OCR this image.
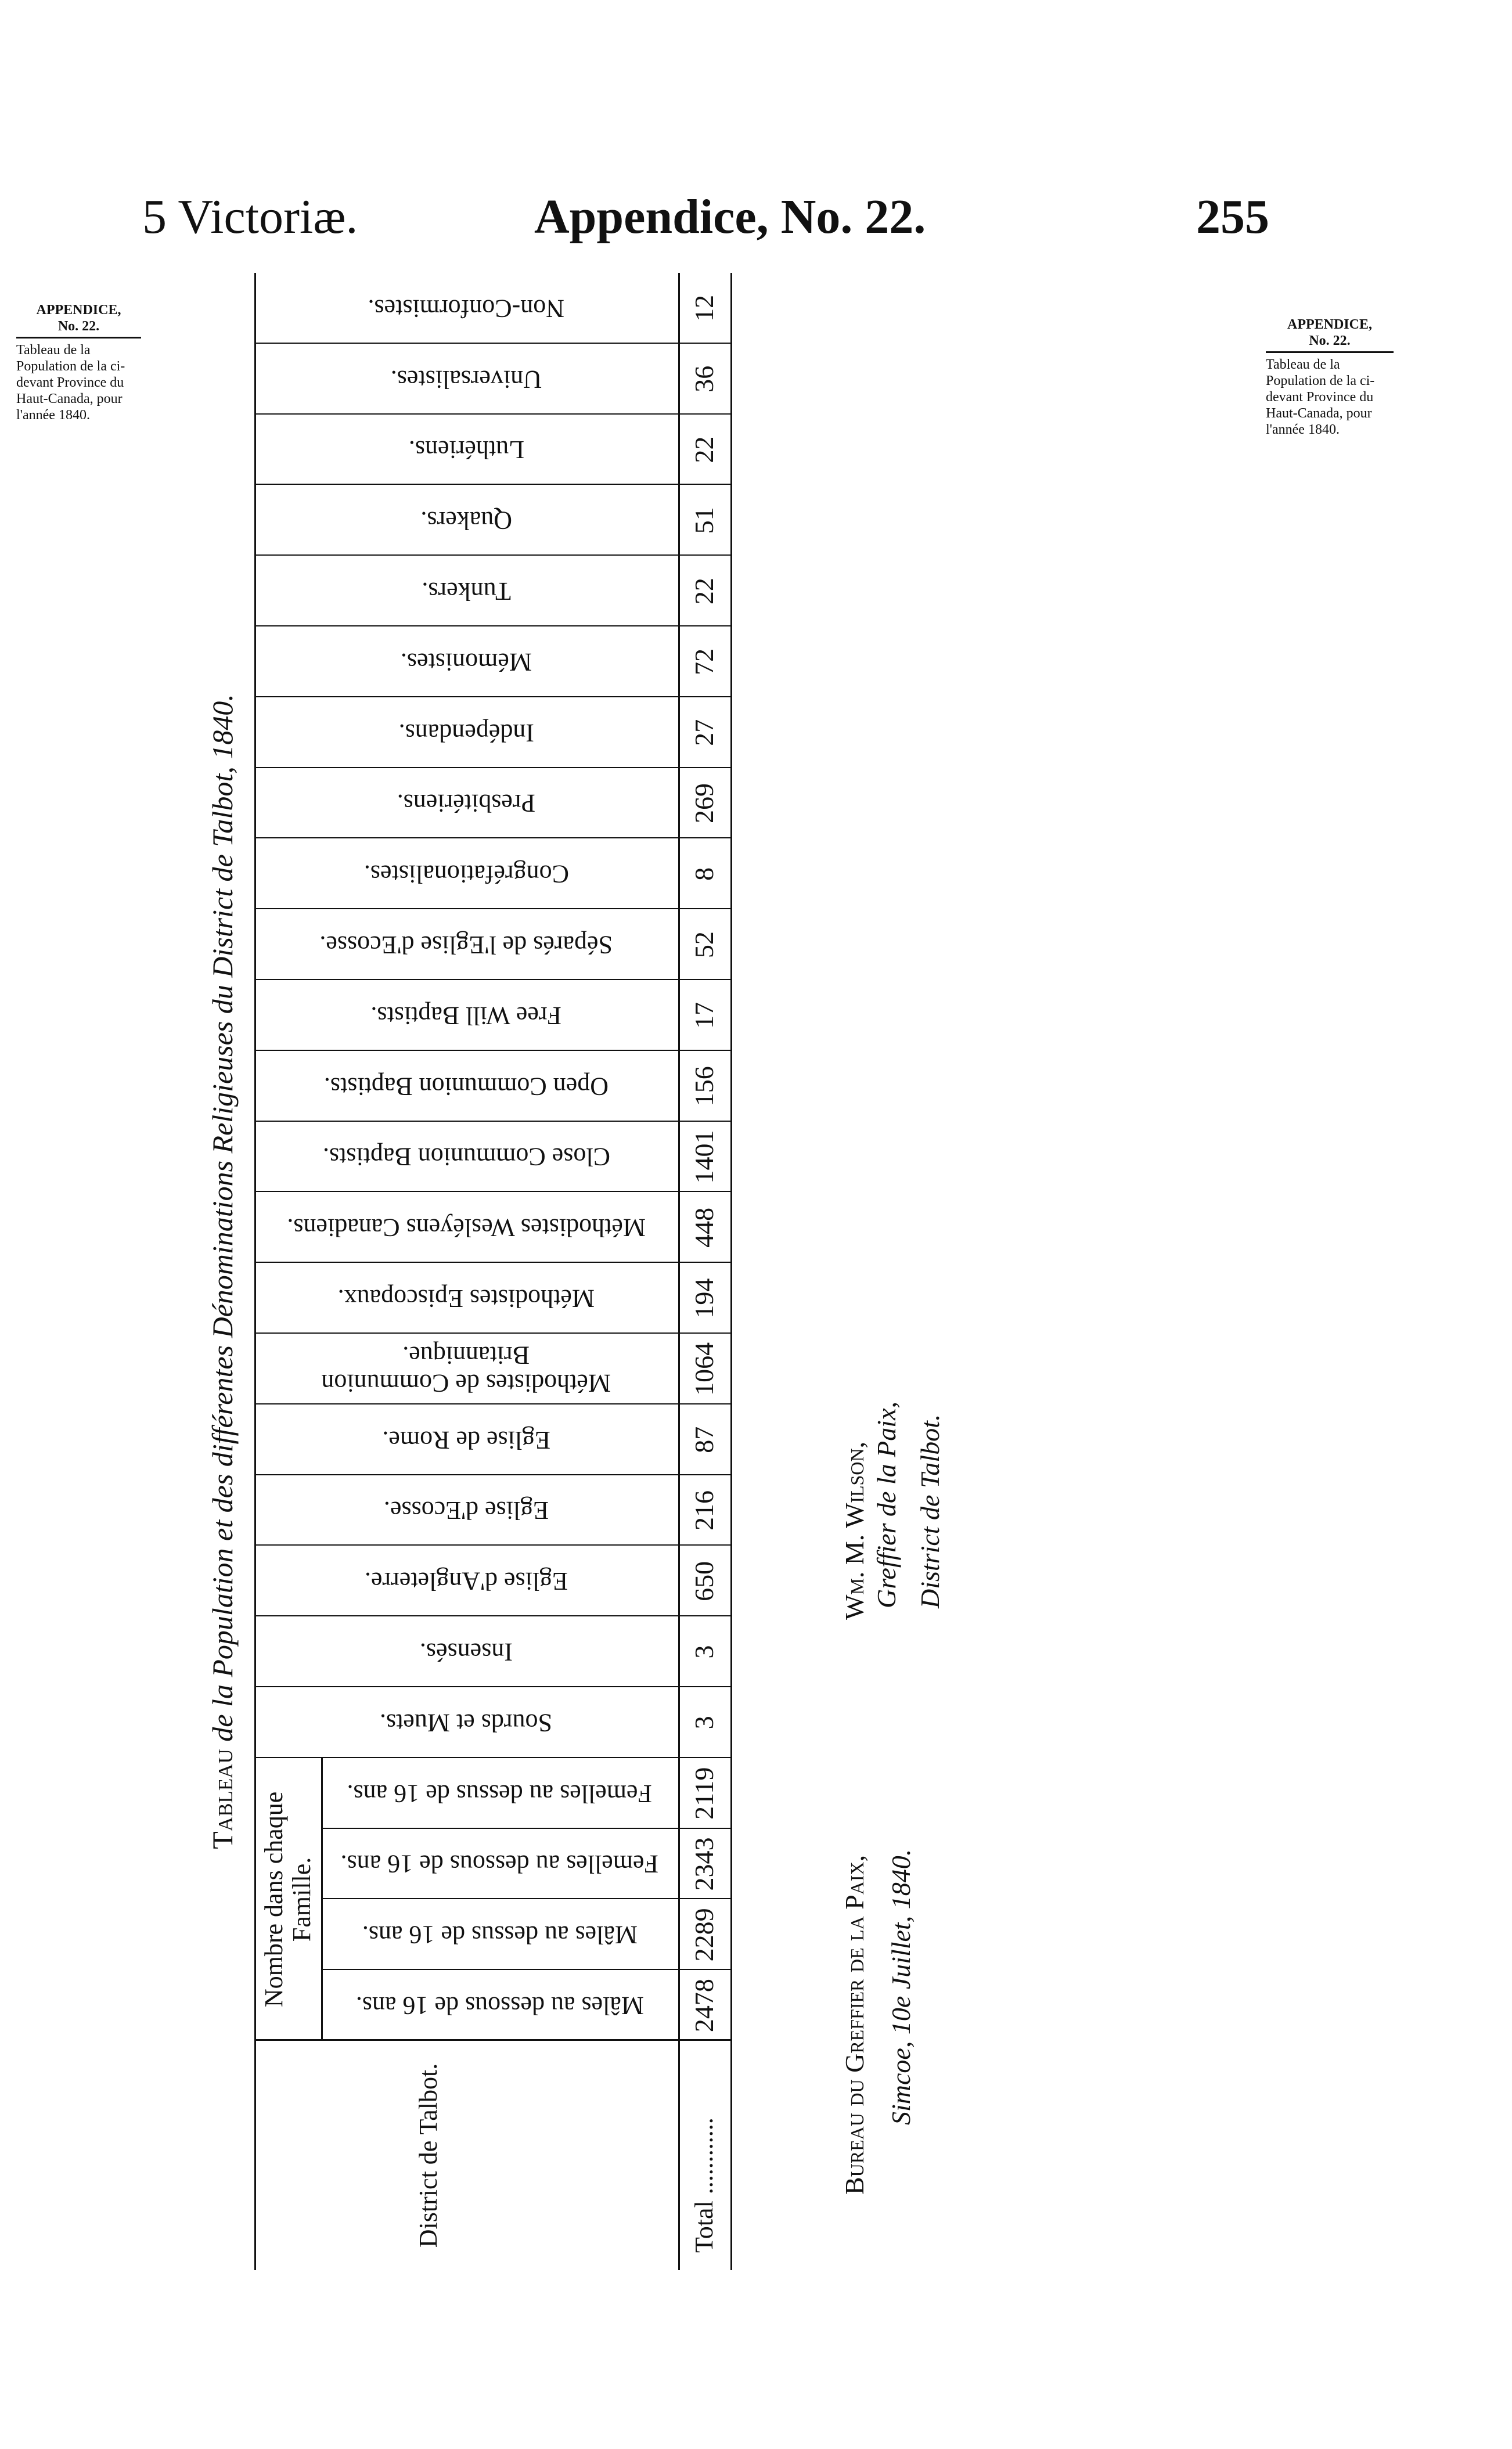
5 Victoriæ.	Appendice, No. 22.	255
APPENDICE,
No. 22.
Tableau de la Population de la ci-devant Province du Haut-Canada, pour l'année 1840.
APPENDICE,
No. 22.
Tableau de la Population de la ci-devant Province du Haut-Canada, pour l'année 1840.
Tableau

de la Population et des différentes Dénominations Religieuses du District de Talbot, 1840.
District de Talbot.	Total ............
Nombre dans chaque Famille.
Mâles au dessous de 16 ans.	2478
Mâles au dessus de 16 ans.	2289
Femelles au dessous de 16 ans.	2343
Femelles au dessus de 16 ans.	2119
Sourds et Muets.	3
Insensés.	3
Eglise d'Angleterre.	650
Eglise d'Ecosse.	216
Eglise de Rome.	87
Méthodistes de Communion Britannique.	1064
Méthodistes Episcopaux.	194
Méthodistes Wesléyens Canadiens.	448
Close Communion Baptists.	1401
Open Communion Baptists.	156
Free Will Baptists.	17
Séparés de l'Eglise d'Ecosse.	52
Congréfationalistes.	8
Presbitériens.	269
Indépendans.	27
Mémonistes.	72
Tunkers.	22
Quakers.	51
Luthériens.	22
Universalistes.	36
Non-Conformistes.	12
Wm. M. Wilson, Greffier de la Paix, District de Talbot.
Bureau du Greffier de la Paix, Simcoe, 10e Juillet, 1840.
